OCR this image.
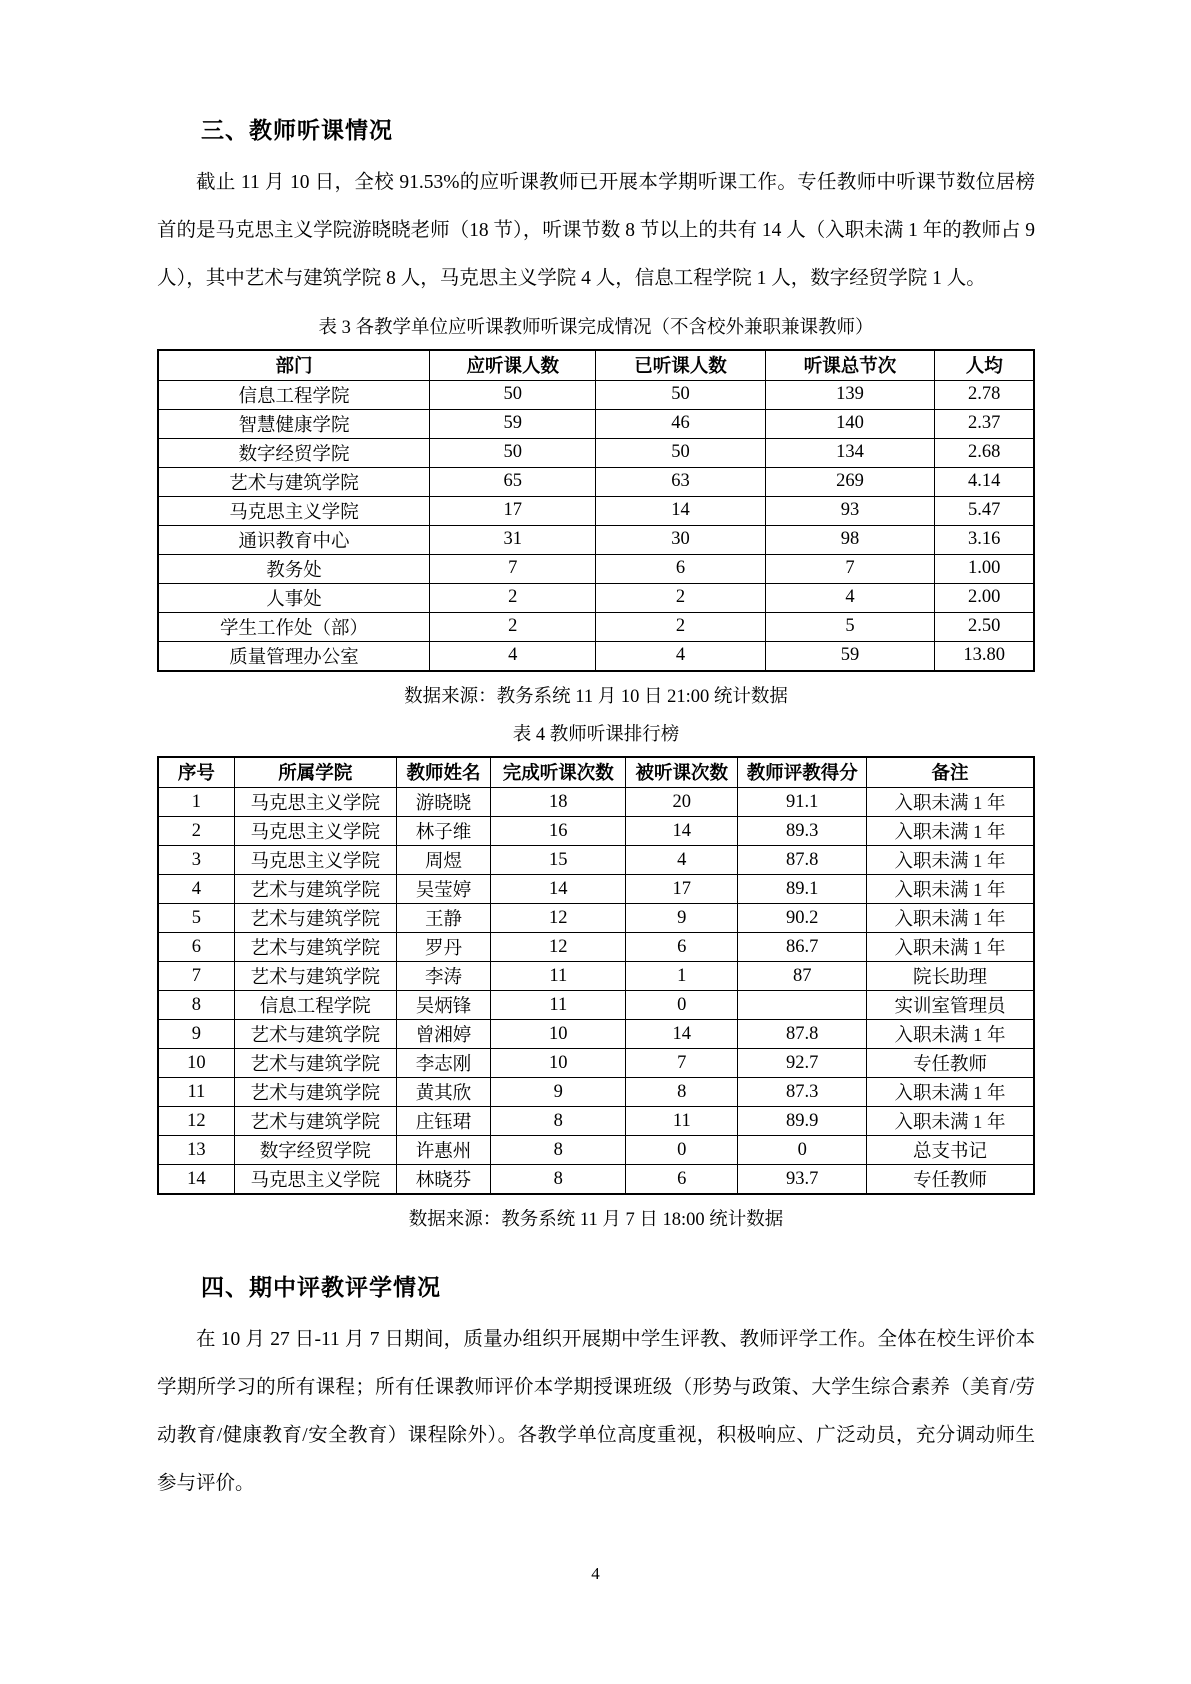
三、教师听课情况

截止 11 月 10 日，全校 91.53%的应听课教师已开展本学期听课工作。专任教师中听课节数位居榜首的是马克思主义学院游晓晓老师（18 节），听课节数 8 节以上的共有 14 人（入职未满 1 年的教师占 9 人），其中艺术与建筑学院 8 人，马克思主义学院 4 人，信息工程学院 1 人，数字经贸学院 1 人。

表 3 各教学单位应听课教师听课完成情况（不含校外兼职兼课教师）
部门	应听课人数	已听课人数	听课总节次	人均
信息工程学院	50	50	139	2.78
智慧健康学院	59	46	140	2.37
数字经贸学院	50	50	134	2.68
艺术与建筑学院	65	63	269	4.14
马克思主义学院	17	14	93	5.47
通识教育中心	31	30	98	3.16
教务处	7	6	7	1.00
人事处	2	2	4	2.00
学生工作处（部）	2	2	5	2.50
质量管理办公室	4	4	59	13.80
数据来源：教务系统 11 月 10 日 21:00 统计数据
表 4 教师听课排行榜
序号	所属学院	教师姓名	完成听课次数	被听课次数	教师评教得分	备注
1	马克思主义学院	游晓晓	18	20	91.1	入职未满 1 年
2	马克思主义学院	林子维	16	14	89.3	入职未满 1 年
3	马克思主义学院	周煜	15	4	87.8	入职未满 1 年
4	艺术与建筑学院	吴莹婷	14	17	89.1	入职未满 1 年
5	艺术与建筑学院	王静	12	9	90.2	入职未满 1 年
6	艺术与建筑学院	罗丹	12	6	86.7	入职未满 1 年
7	艺术与建筑学院	李涛	11	1	87	院长助理
8	信息工程学院	吴炳锋	11	0		实训室管理员
9	艺术与建筑学院	曾湘婷	10	14	87.8	入职未满 1 年
10	艺术与建筑学院	李志刚	10	7	92.7	专任教师
11	艺术与建筑学院	黄其欣	9	8	87.3	入职未满 1 年
12	艺术与建筑学院	庄钰珺	8	11	89.9	入职未满 1 年
13	数字经贸学院	许惠州	8	0	0	总支书记
14	马克思主义学院	林晓芬	8	6	93.7	专任教师
数据来源：教务系统 11 月 7 日 18:00 统计数据
四、期中评教评学情况

在 10 月 27 日-11 月 7 日期间，质量办组织开展期中学生评教、教师评学工作。全体在校生评价本学期所学习的所有课程；所有任课教师评价本学期授课班级（形势与政策、大学生综合素养（美育/劳动教育/健康教育/安全教育）课程除外）。各教学单位高度重视，积极响应、广泛动员，充分调动师生参与评价。

4
